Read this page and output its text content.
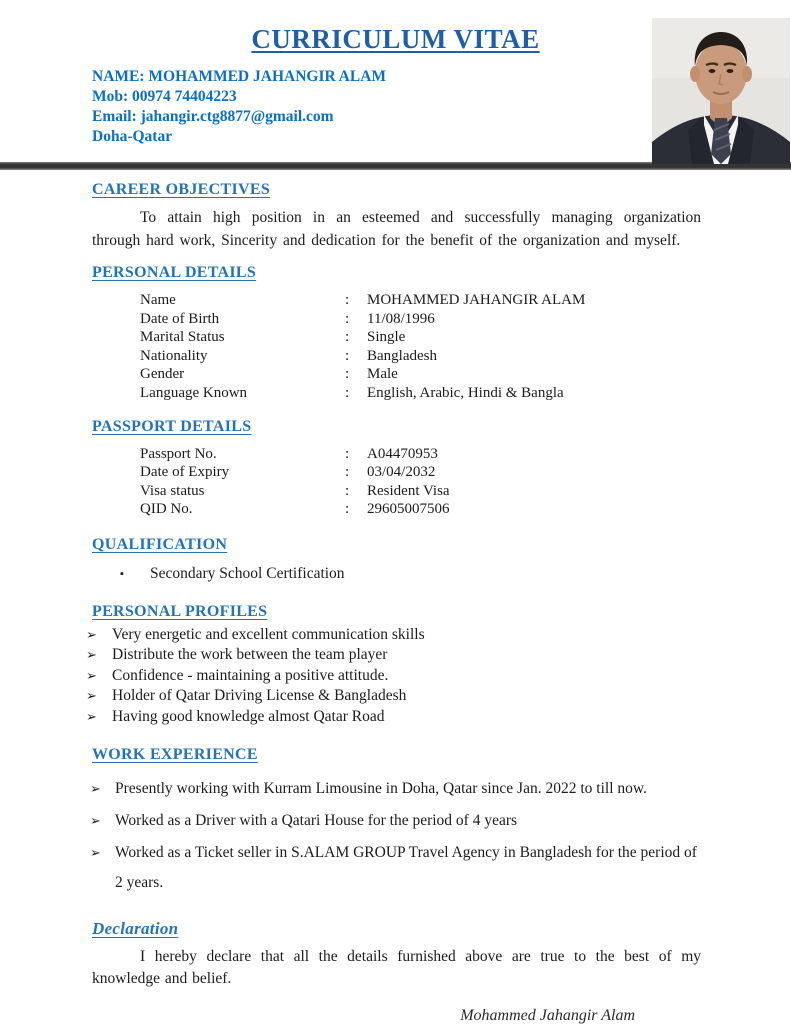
CURRICULUM VITAE
NAME: MOHAMMED JAHANGIR ALAM
Mob: 00974 74404223
Email: jahangir.ctg8877@gmail.com
Doha-Qatar
CAREER OBJECTIVES

To attain high position in an esteemed and successfully managing organization through hard work, Sincerity and dedication for the benefit of the organization and myself.

PERSONAL DETAILS
Name	:	MOHAMMED JAHANGIR ALAM
Date of Birth	:	11/08/1996
Marital Status	:	Single
Nationality	:	Bangladesh
Gender	:	Male
Language Known	:	English, Arabic, Hindi & Bangla
PASSPORT DETAILS
Passport No.	:	A04470953
Date of Expiry	:	03/04/2032
Visa status	:	Resident Visa
QID No.	:	29605007506
QUALIFICATION
▪	Secondary School Certification
PERSONAL PROFILES
➢ Very energetic and excellent communication skills
➢ Distribute the work between the team player
➢ Confidence - maintaining a positive attitude.
➢ Holder of Qatar Driving License & Bangladesh
➢ Having good knowledge almost Qatar Road
WORK EXPERIENCE
➢ Presently working with Kurram Limousine in Doha, Qatar since Jan. 2022 to till now.
➢ Worked as a Driver with a Qatari House for the period of 4 years
➢ Worked as a Ticket seller in S.ALAM GROUP Travel Agency in Bangladesh for the period of 2 years.
Declaration

I hereby declare that all the details furnished above are true to the best of my knowledge and belief.

Mohammed Jahangir Alam
